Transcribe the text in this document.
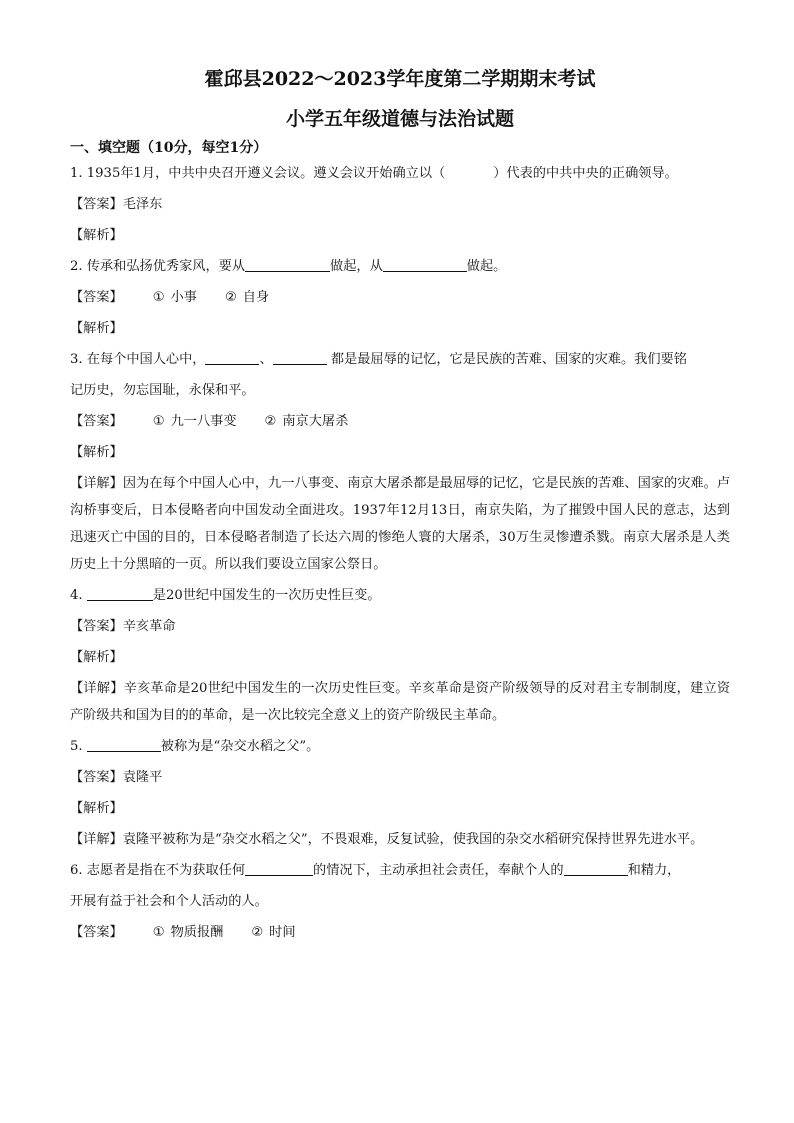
霍邱县2022～2023学年度第二学期期末考试
小学五年级道德与法治试题
一、填空题（10分，每空1分）
1. 1935年1月，中共中央召开遵义会议。遵义会议开始确立以（	）代表的中共中央的正确领导。
【答案】毛泽东
【解析】
2. 传承和弘扬优秀家风，要从	做起，从	做起。
【答案】 ① 小事 ② 自身
【解析】
3. 在每个中国人心中，	、	都是最屈辱的记忆，它是民族的苦难、国家的灾难。我们要铭
记历史，勿忘国耻，永保和平。
【答案】 ① 九一八事变 ② 南京大屠杀
【解析】
【详解】因为在每个中国人心中，九一八事变、南京大屠杀都是最屈辱的记忆，它是民族的苦难、国家的灾难。卢沟桥事变后，日本侵略者向中国发动全面进攻。1937年12月13日，南京失陷，为了摧毁中国人民的意志，达到迅速灭亡中国的目的，日本侵略者制造了长达六周的惨绝人寰的大屠杀，30万生灵惨遭杀戮。南京大屠杀是人类历史上十分黑暗的一页。所以我们要设立国家公祭日。
4.	是20世纪中国发生的一次历史性巨变。
【答案】辛亥革命
【解析】
【详解】辛亥革命是20世纪中国发生的一次历史性巨变。辛亥革命是资产阶级领导的反对君主专制制度，建立资产阶级共和国为目的的革命，是一次比较完全意义上的资产阶级民主革命。
5.	被称为是“杂交水稻之父”。
【答案】袁隆平
【解析】
【详解】袁隆平被称为是“杂交水稻之父”，不畏艰难，反复试验，使我国的杂交水稻研究保持世界先进水平。
6. 志愿者是指在不为获取任何	的情况下，主动承担社会责任，奉献个人的	和精力，
开展有益于社会和个人活动的人。
【答案】 ① 物质报酬 ② 时间
